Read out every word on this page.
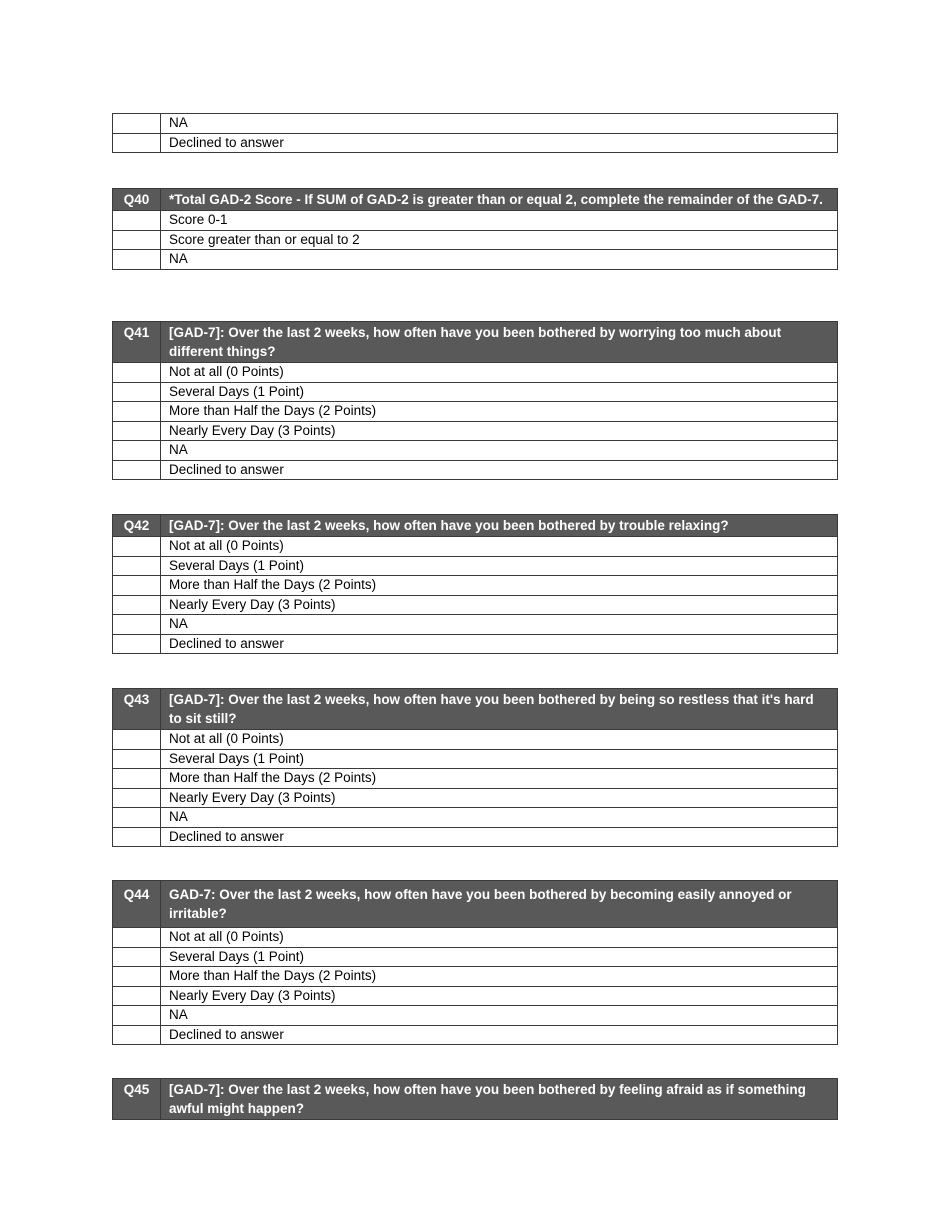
	NA
	Declined to answer
Q40	*Total GAD-2 Score - If SUM of GAD-2 is greater than or equal 2, complete the remainder of the GAD-7.
	Score 0-1
	Score greater than or equal to 2
	NA
Q41	[GAD-7]: Over the last 2 weeks, how often have you been bothered by worrying too much about different things?
	Not at all (0 Points)
	Several Days (1 Point)
	More than Half the Days (2 Points)
	Nearly Every Day (3 Points)
	NA
	Declined to answer
Q42	[GAD-7]: Over the last 2 weeks, how often have you been bothered by trouble relaxing?
	Not at all (0 Points)
	Several Days (1 Point)
	More than Half the Days (2 Points)
	Nearly Every Day (3 Points)
	NA
	Declined to answer
Q43	[GAD-7]: Over the last 2 weeks, how often have you been bothered by being so restless that it's hard to sit still?
	Not at all (0 Points)
	Several Days (1 Point)
	More than Half the Days (2 Points)
	Nearly Every Day (3 Points)
	NA
	Declined to answer
Q44	GAD-7: Over the last 2 weeks, how often have you been bothered by becoming easily annoyed or irritable?
	Not at all (0 Points)
	Several Days (1 Point)
	More than Half the Days (2 Points)
	Nearly Every Day (3 Points)
	NA
	Declined to answer
Q45	[GAD-7]: Over the last 2 weeks, how often have you been bothered by feeling afraid as if something awful might happen?
